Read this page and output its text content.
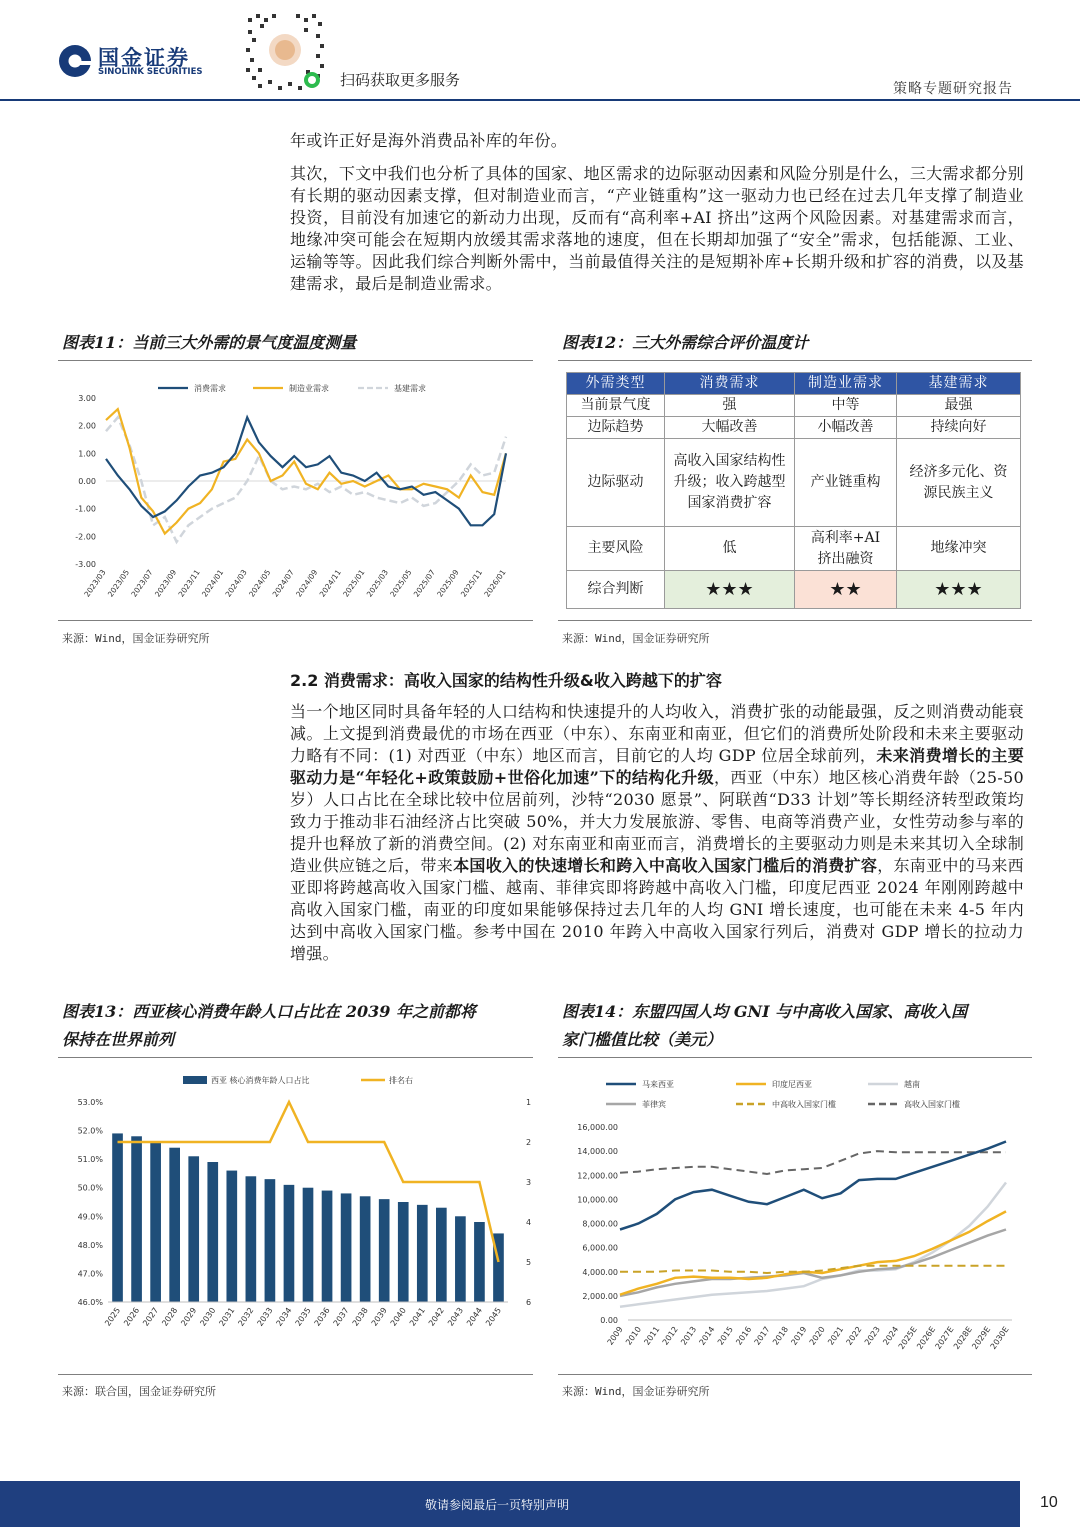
国金证券
SINOLINK SECURITIES	扫码获取更多服务	策略专题研究报告
年或许正好是海外消费品补库的年份。
其次，下文中我们也分析了具体的国家、地区需求的边际驱动因素和风险分别是什么，三大需求都分别有长期的驱动因素支撑，但对制造业而言，“产业链重构”这一驱动力也已经在过去几年支撑了制造业投资，目前没有加速它的新动力出现，反而有“高利率+AI 挤出”这两个风险因素。对基建需求而言，地缘冲突可能会在短期内放缓其需求落地的速度，但在长期却加强了“安全”需求，包括能源、工业、运输等等。因此我们综合判断外需中，当前最值得关注的是短期补库+长期升级和扩容的消费，以及基建需求，最后是制造业需求。
图表11：当前三大外需的景气度温度测量
3.00
2.00
1.00
0.00
-1.00
-2.00
-3.00
2023/03
2023/05
2023/07
2023/09
2023/11
2024/01
2024/03
2024/05
2024/07
2024/09
2024/11
2025/01
2025/03
2025/05
2025/07
2025/09
2025/11
2026/01
消费需求	制造业需求	基建需求
来源：Wind，国金证券研究所
图表12：三大外需综合评价温度计
外需类型	消费需求	制造业需求	基建需求
当前景气度	强	中等	最强
边际趋势	大幅改善	小幅改善	持续向好
边际驱动	高收入国家结构性升级；收入跨越型国家消费扩容	产业链重构	经济多元化、资源民族主义
主要风险	低	高利率+AI挤出融资	地缘冲突
综合判断	★★★	★★	★★★
来源：Wind，国金证券研究所
2.2 消费需求：高收入国家的结构性升级&收入跨越下的扩容
当一个地区同时具备年轻的人口结构和快速提升的人均收入，消费扩张的动能最强，反之则消费动能衰减。上文提到消费最优的市场在西亚（中东）、东南亚和南亚，但它们的消费所处阶段和未来主要驱动力略有不同：(1) 对西亚（中东）地区而言，目前它的人均 GDP 位居全球前列，未来消费增长的主要驱动力是“年轻化+政策鼓励+世俗化加速”下的结构化升级，西亚（中东）地区核心消费年龄（25-50 岁）人口占比在全球比较中位居前列，沙特“2030 愿景”、阿联酋“D33 计划”等长期经济转型政策均致力于推动非石油经济占比突破 50%，并大力发展旅游、零售、电商等消费产业，女性劳动参与率的提升也释放了新的消费空间。(2) 对东南亚和南亚而言，消费增长的主要驱动力则是未来其切入全球制造业供应链之后，带来本国收入的快速增长和跨入中高收入国家门槛后的消费扩容，东南亚中的马来西亚即将跨越高收入国家门槛、越南、菲律宾即将跨越中高收入门槛，印度尼西亚 2024 年刚刚跨越中高收入国家门槛，南亚的印度如果能够保持过去几年的人均 GNI 增长速度，也可能在未来 4-5 年内达到中高收入国家门槛。参考中国在 2010 年跨入中高收入国家行列后，消费对 GDP 增长的拉动力增强。
图表13：西亚核心消费年龄人口占比在 2039 年之前都将
保持在世界前列
53.0%
52.0%
51.0%
50.0%
49.0%
48.0%
47.0%
46.0%
1
2
3
4
5
6
2025 2026 2027 2028 2029 2030 2031 2032 2033 2034 2035 2036 2037 2038 2039 2040 2041 2042 2043 2044 2045
西亚 核心消费年龄人口占比	排名右
来源：联合国，国金证券研究所
图表14：东盟四国人均 GNI 与中高收入国家、高收入国
家门槛值比较（美元）
16,000.00
14,000.00
12,000.00
10,000.00
8,000.00
6,000.00
4,000.00
2,000.00
0.00
2009 2010 2011 2012 2013 2014 2015 2016 2017 2018 2019 2020 2021 2022 2023 2024
2025E
2026E
2027E
2028E
2029E
2030E
马来西亚	印度尼西亚	越南
菲律宾	中高收入国家门槛	高收入国家门槛
来源：Wind，国金证券研究所
敬请参阅最后一页特别声明	10
